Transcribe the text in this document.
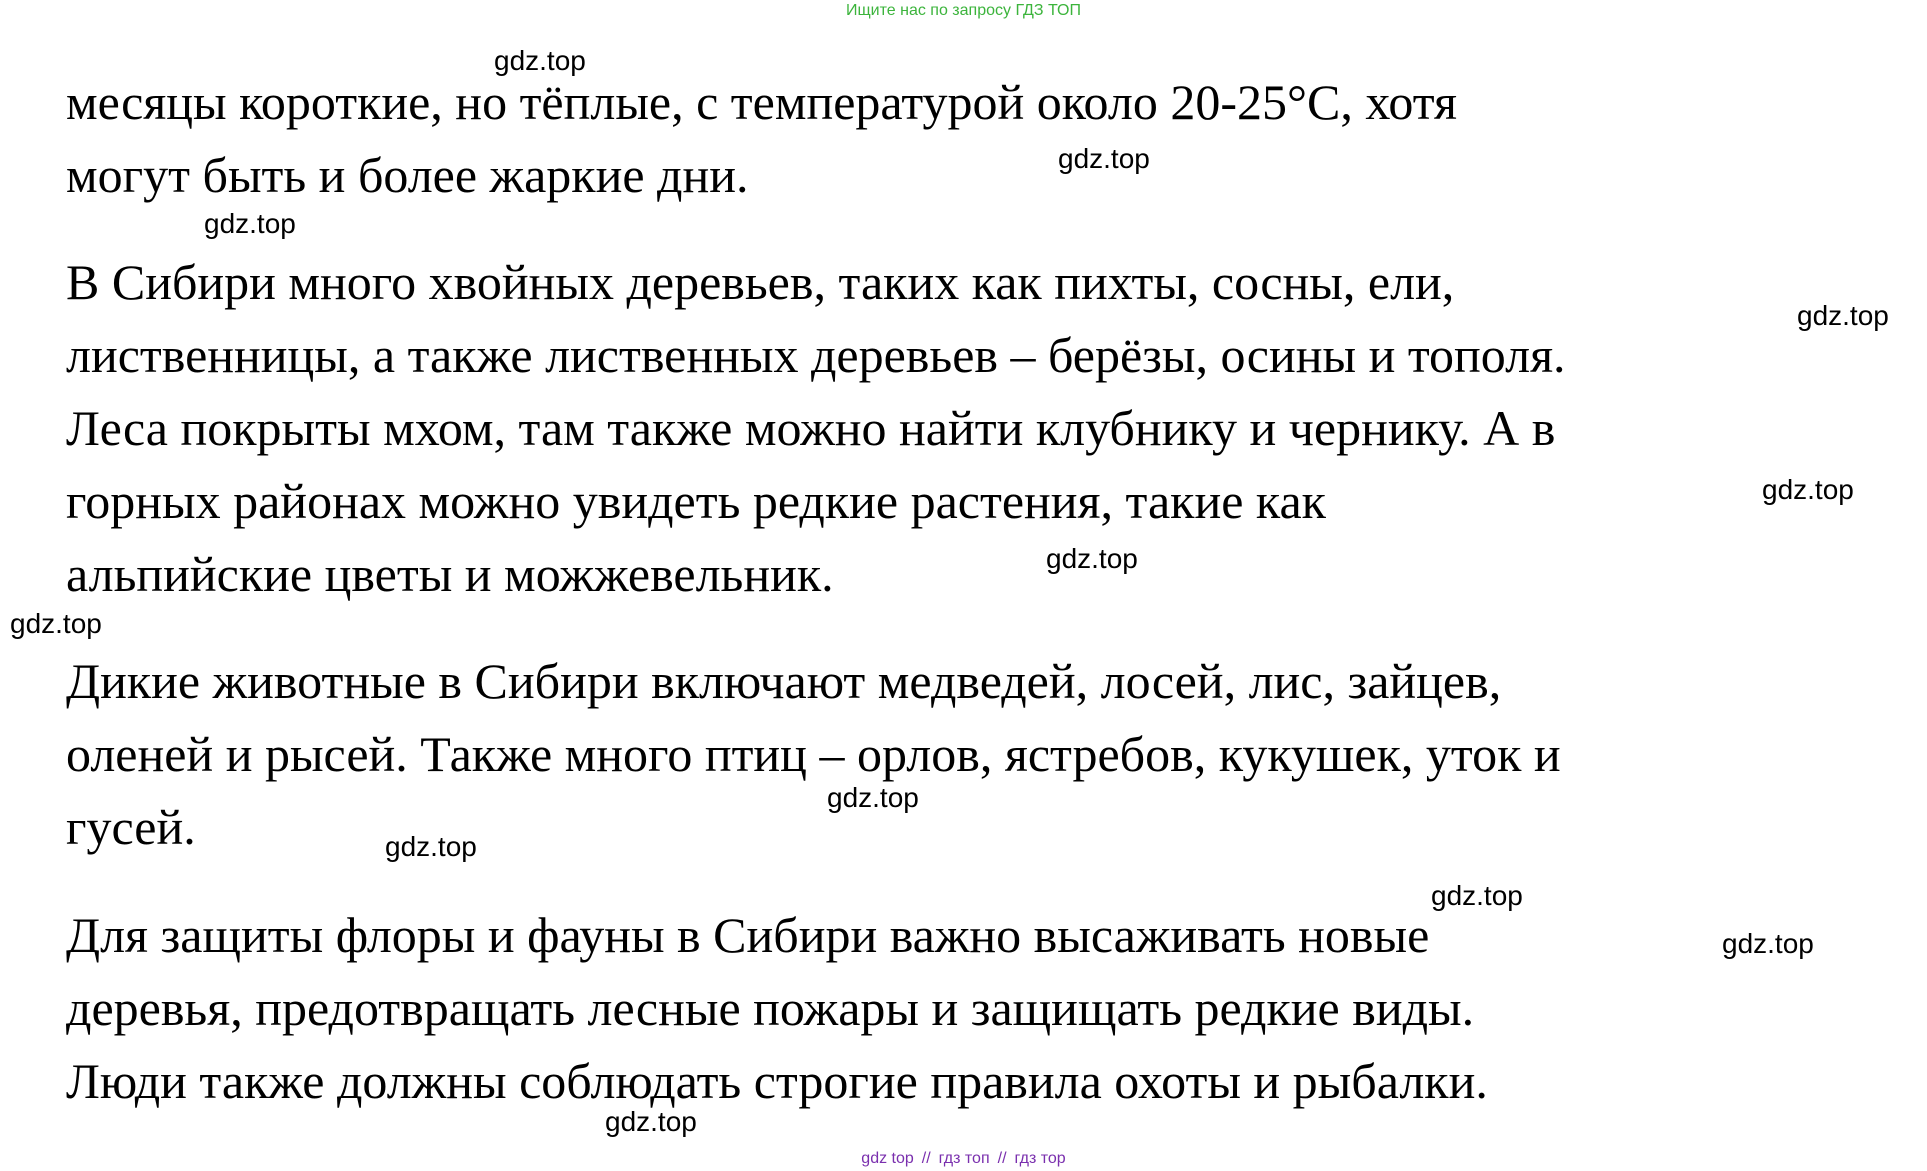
Ищите нас по запросу ГДЗ ТОП

месяцы короткие, но тёплые, с температурой около 20-25°С, хотя
могут быть и более жаркие дни.

В Сибири много хвойных деревьев, таких как пихты, сосны, ели,
лиственницы, а также лиственных деревьев – берёзы, осины и тополя.
Леса покрыты мхом, там также можно найти клубнику и чернику. А в
горных районах можно увидеть редкие растения, такие как
альпийские цветы и можжевельник.

Дикие животные в Сибири включают медведей, лосей, лис, зайцев,
оленей и рысей. Также много птиц – орлов, ястребов, кукушек, уток и
гусей.

Для защиты флоры и фауны в Сибири важно высаживать новые
деревья, предотвращать лесные пожары и защищать редкие виды.
Люди также должны соблюдать строгие правила охоты и рыбалки.

gdz.top
gdz.top
gdz.top
gdz.top
gdz.top
gdz.top
gdz.top
gdz.top
gdz.top
gdz.top
gdz.top
gdz.top
gdz top // гдз топ // гдз тор
